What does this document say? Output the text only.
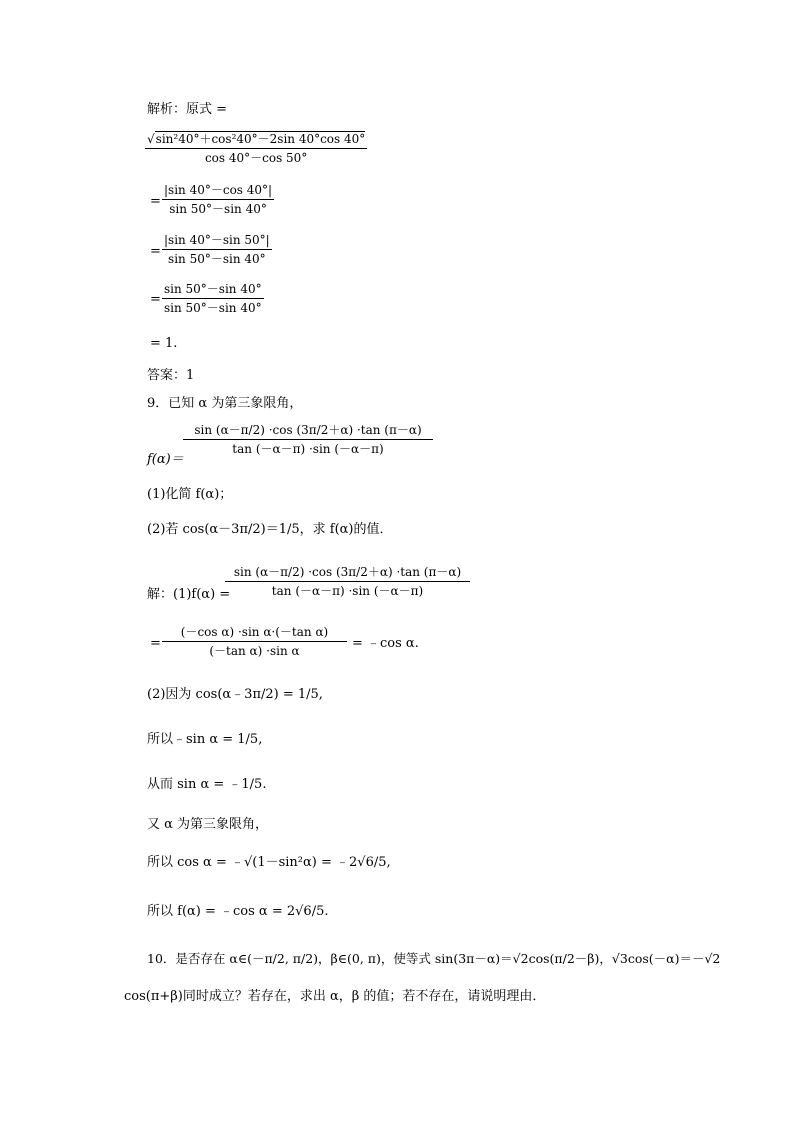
解析：原式 =
√sin²40°＋cos²40°－2sin 40°cos 40°
cos 40°－cos 50°
=
|sin 40°－cos 40°|
sin 50°－sin 40°
=
|sin 40°－sin 50°|
sin 50°－sin 40°
=
sin 50°－sin 40°
sin 50°－sin 40°
= 1.
答案：1
9．已知 α 为第三象限角，
f(α)＝
sin (α－π/2) ·cos (3π/2＋α) ·tan (π－α)
tan (－α－π) ·sin (－α－π)
(1)化简 f(α)；
(2)若 cos(α－3π/2)＝1/5，求 f(α)的值．
解：(1)f(α) =
sin (α－π/2) ·cos (3π/2＋α) ·tan (π－α)
tan (－α－π) ·sin (－α－π)
=
(－cos α) ·sin α·(－tan α)
(－tan α) ·sin α	= ﹣cos α.
(2)因为 cos(α﹣3π/2) = 1/5,
所以﹣sin α = 1/5,
从而 sin α = ﹣1/5.
又 α 为第三象限角，
所以 cos α = ﹣√(1－sin²α) = ﹣2√6/5,
所以 f(α) = ﹣cos α = 2√6/5.
10．是否存在 α∈(－π/2, π/2)，β∈(0, π)，使等式 sin(3π－α)＝√2cos(π/2－β)，√3cos(－α)＝－√2
cos(π+β)同时成立？若存在，求出 α，β 的值；若不存在，请说明理由．
